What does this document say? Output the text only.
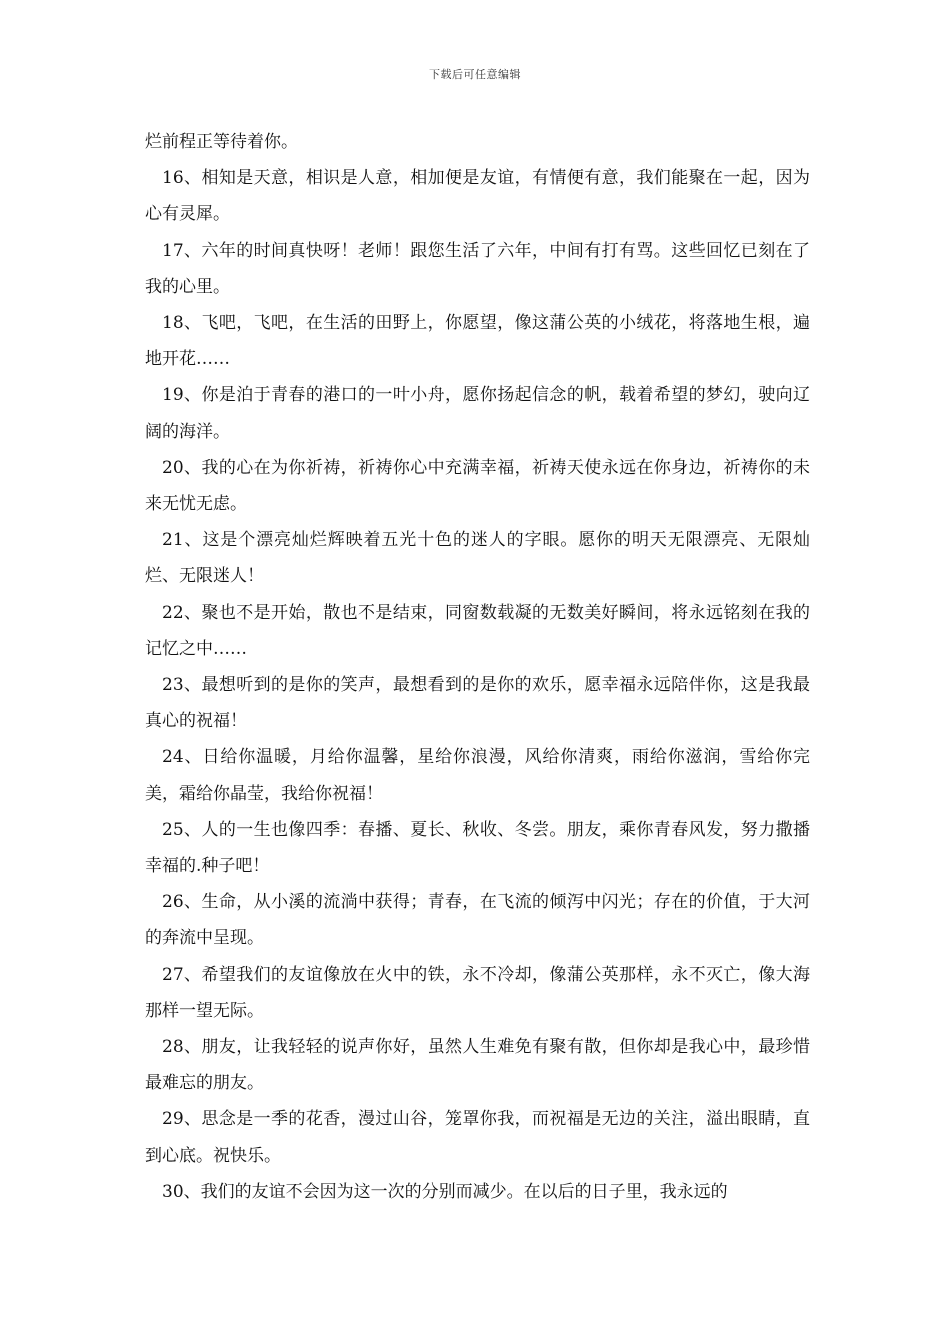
下载后可任意编辑

烂前程正等待着你。

16、相知是天意，相识是人意，相加便是友谊，有情便有意，我们能聚在一起，因为心有灵犀。

17、六年的时间真快呀！老师！跟您生活了六年，中间有打有骂。这些回忆已刻在了我的心里。

18、飞吧，飞吧，在生活的田野上，你愿望，像这蒲公英的小绒花，将落地生根，遍地开花……

19、你是泊于青春的港口的一叶小舟，愿你扬起信念的帆，载着希望的梦幻，驶向辽阔的海洋。

20、我的心在为你祈祷，祈祷你心中充满幸福，祈祷天使永远在你身边，祈祷你的未来无忧无虑。

21、这是个漂亮灿烂辉映着五光十色的迷人的字眼。愿你的明天无限漂亮、无限灿烂、无限迷人！

22、聚也不是开始，散也不是结束，同窗数载凝的无数美好瞬间，将永远铭刻在我的记忆之中……

23、最想听到的是你的笑声，最想看到的是你的欢乐，愿幸福永远陪伴你，这是我最真心的祝福！

24、日给你温暖，月给你温馨，星给你浪漫，风给你清爽，雨给你滋润，雪给你完美，霜给你晶莹，我给你祝福！

25、人的一生也像四季：春播、夏长、秋收、冬尝。朋友，乘你青春风发，努力撒播幸福的.种子吧！

26、生命，从小溪的流淌中获得；青春，在飞流的倾泻中闪光；存在的价值，于大河的奔流中呈现。

27、希望我们的友谊像放在火中的铁，永不冷却，像蒲公英那样，永不灭亡，像大海那样一望无际。

28、朋友，让我轻轻的说声你好，虽然人生难免有聚有散，但你却是我心中，最珍惜最难忘的朋友。

29、思念是一季的花香，漫过山谷，笼罩你我，而祝福是无边的关注，溢出眼睛，直到心底。祝快乐。

30、我们的友谊不会因为这一次的分别而减少。在以后的日子里，我永远的
